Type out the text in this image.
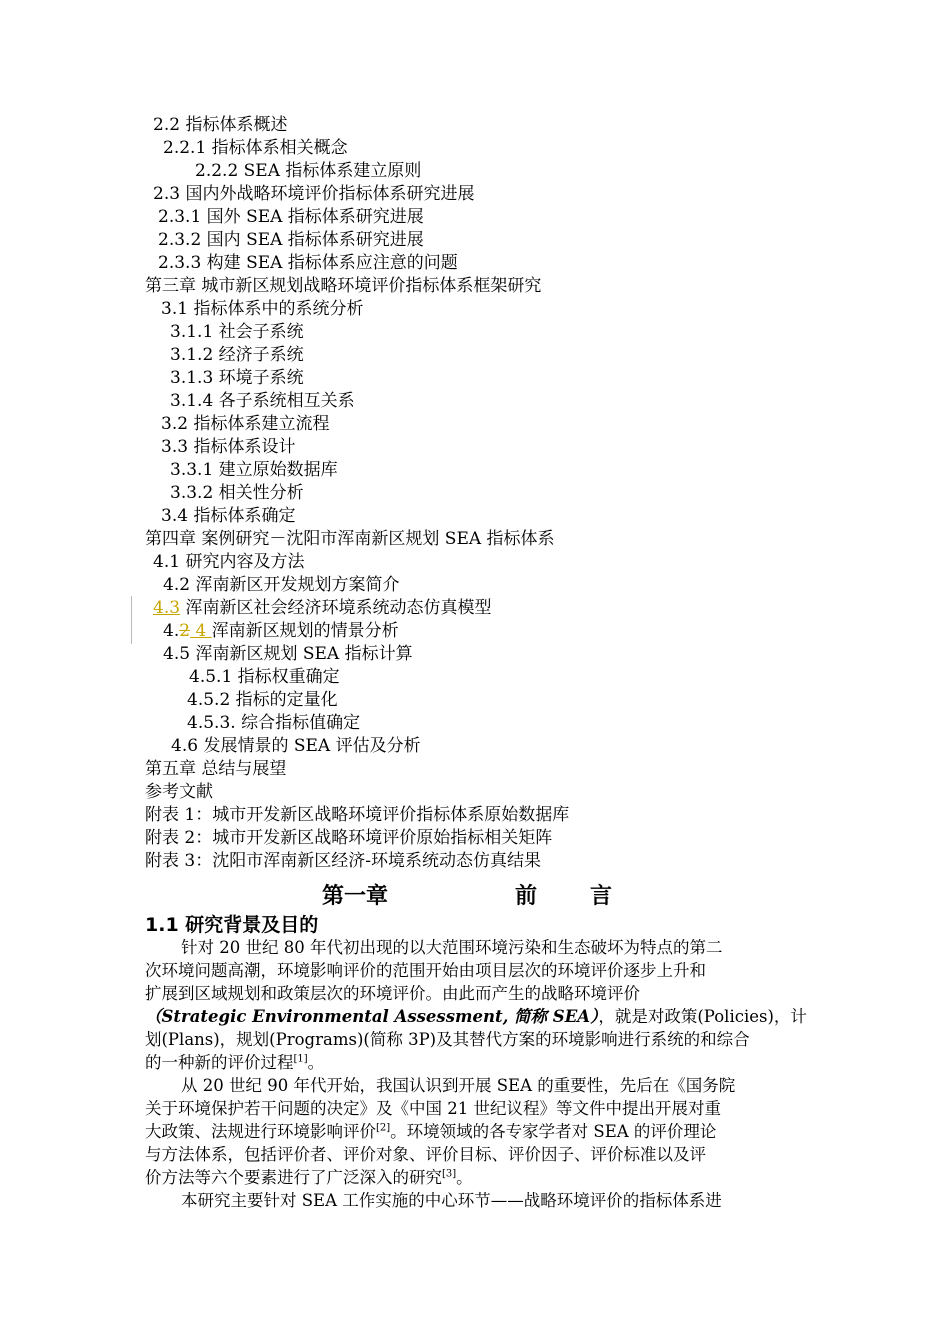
2.2 指标体系概述
2.2.1 指标体系相关概念
2.2.2 SEA 指标体系建立原则
2.3 国内外战略环境评价指标体系研究进展
2.3.1 国外 SEA 指标体系研究进展
2.3.2 国内 SEA 指标体系研究进展
2.3.3 构建 SEA 指标体系应注意的问题
第三章 城市新区规划战略环境评价指标体系框架研究
3.1 指标体系中的系统分析
3.1.1 社会子系统
3.1.2 经济子系统
3.1.3 环境子系统
3.1.4 各子系统相互关系
3.2 指标体系建立流程
3.3 指标体系设计
3.3.1 建立原始数据库
3.3.2 相关性分析
3.4 指标体系确定
第四章 案例研究－沈阳市浑南新区规划 SEA 指标体系
4.1 研究内容及方法
4.2 浑南新区开发规划方案简介
4.3 浑南新区社会经济环境系统动态仿真模型
4.2 4 浑南新区规划的情景分析
4.5 浑南新区规划 SEA 指标计算
4.5.1 指标权重确定
4.5.2 指标的定量化
4.5.3. 综合指标值确定
4.6 发展情景的 SEA 评估及分析
第五章 总结与展望
参考文献
附表 1：城市开发新区战略环境评价指标体系原始数据库
附表 2：城市开发新区战略环境评价原始指标相关矩阵
附表 3：沈阳市浑南新区经济-环境系统动态仿真结果
第一章	前 言
1.1 研究背景及目的
针对 20 世纪 80 年代初出现的以大范围环境污染和生态破坏为特点的第二
次环境问题高潮，环境影响评价的范围开始由项目层次的环境评价逐步上升和
扩展到区域规划和政策层次的环境评价。由此而产生的战略环境评价
（Strategic Environmental Assessment, 简称 SEA），就是对政策(Policies)，计
划(Plans)，规划(Programs)(简称 3P)及其替代方案的环境影响进行系统的和综合
的一种新的评价过程[1]。
从 20 世纪 90 年代开始，我国认识到开展 SEA 的重要性，先后在《国务院
关于环境保护若干问题的决定》及《中国 21 世纪议程》等文件中提出开展对重
大政策、法规进行环境影响评价[2]。环境领域的各专家学者对 SEA 的评价理论
与方法体系，包括评价者、评价对象、评价目标、评价因子、评价标准以及评
价方法等六个要素进行了广泛深入的研究[3]。
本研究主要针对 SEA 工作实施的中心环节——战略环境评价的指标体系进
